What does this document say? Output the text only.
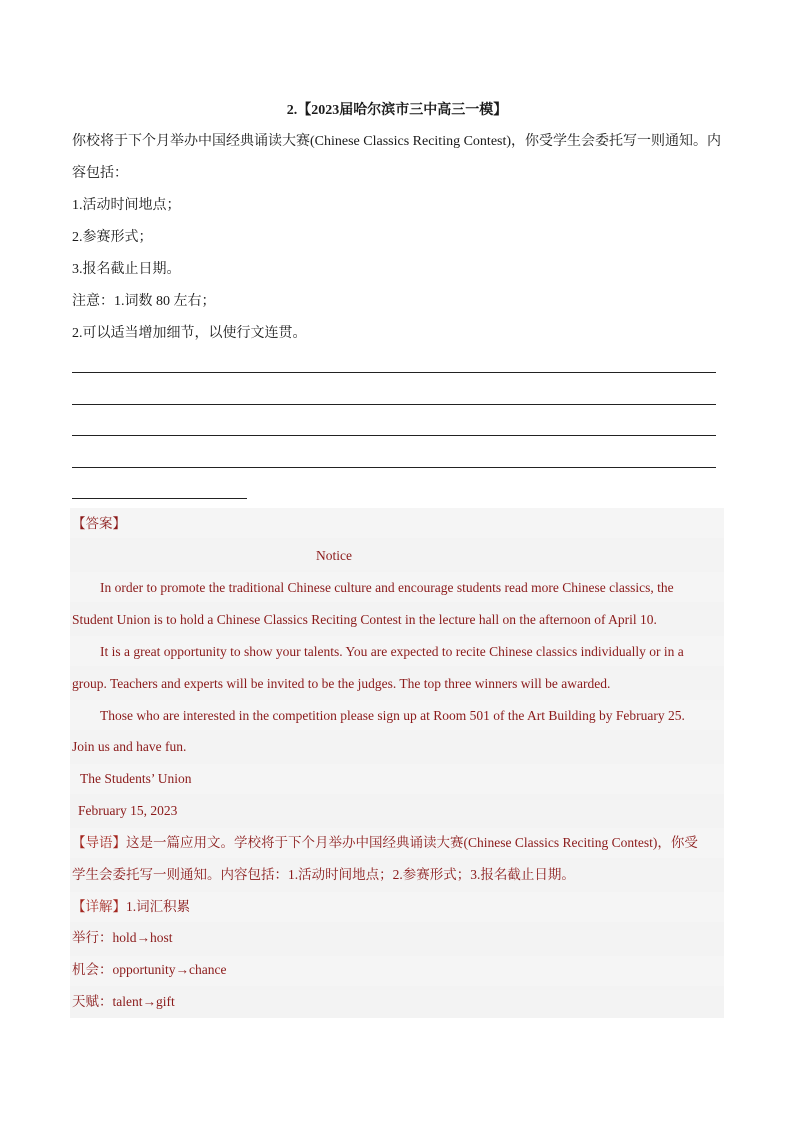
2.【2023届哈尔滨市三中高三一模】
你校将于下个月举办中国经典诵读大赛(Chinese Classics Reciting Contest)，你受学生会委托写一则通知。内
容包括：
1.活动时间地点；
2.参赛形式；
3.报名截止日期。
注意：1.词数 80 左右；
2.可以适当增加细节，以使行文连贯。
【答案】
Notice
In order to promote the traditional Chinese culture and encourage students read more Chinese classics, the
Student Union is to hold a Chinese Classics Reciting Contest in the lecture hall on the afternoon of April 10.
It is a great opportunity to show your talents. You are expected to recite Chinese classics individually or in a
group. Teachers and experts will be invited to be the judges. The top three winners will be awarded.
Those who are interested in the competition please sign up at Room 501 of the Art Building by February 25.
Join us and have fun.
The Students’ Union
February 15, 2023
【导语】这是一篇应用文。学校将于下个月举办中国经典诵读大赛(Chinese Classics Reciting Contest)，你受
学生会委托写一则通知。内容包括：1.活动时间地点；2.参赛形式；3.报名截止日期。
【详解】1.词汇积累
举行：hold→host
机会：opportunity→chance
天赋：talent→gift
